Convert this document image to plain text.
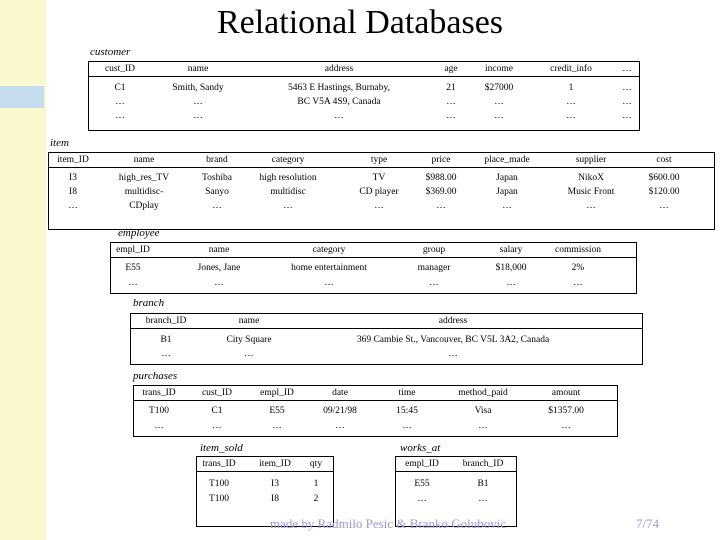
Relational Databases
customer
cust_ID	name	address	age	income	credit_info	…
C1	Smith, Sandy	5463 E Hastings, Burnaby,	21	$27000	1	…
…	…	BC V5A 4S9, Canada	…	…	…	…
…	…	…	…	…	…	…
item
item_ID	name	brand	category	type	price	place_made	supplier	cost
I3	high_res_TV	Toshiba	high resolution	TV	$988.00	Japan	NikoX	$600.00
I8	multidisc-	Sanyo	multidisc	CD player	$369.00	Japan	Music Front	$120.00
…	CDplay	…	…	…	…	…	…	…
employee
empl_ID	name	category	group	salary	commission
E55	Jones, Jane	home entertainment	manager	$18,000	2%
…	…	…	…	…	…
branch
branch_ID	name	address
B1	City Square	369 Cambie St., Vancouver, BC V5L 3A2, Canada
…	…	…
purchases
trans_ID	cust_ID	empl_ID	date	time	method_paid	amount
T100	C1	E55	09/21/98	15:45	Visa	$1357.00
…	…	…	…	…	…	…
item_sold
trans_ID item_ID qty
T100	I3	1
T100	I8	2
works_at
empl_ID	branch_ID
E55	B1
…	…
made by Radmilo Pesic & Branko Golubovic	7/74
